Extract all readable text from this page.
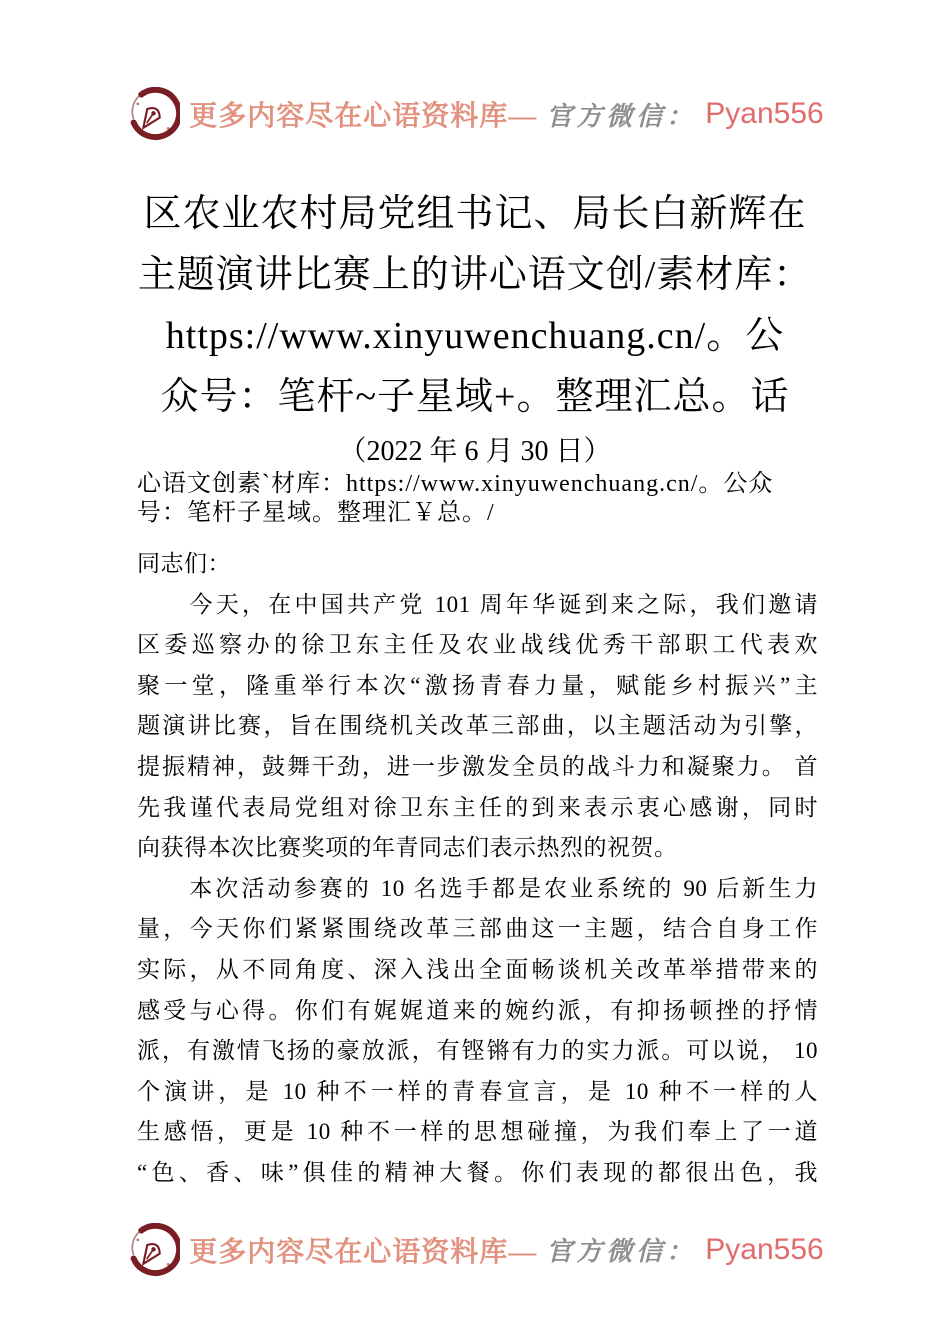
更多内容尽在心语资料库— 官方微信： Pyan556
区农业农村局党组书记、局长白新辉在
主题演讲比赛上的讲心语文创/素材库：
https://www.xinyuwenchuang.cn/。公
众号：笔杆~子星域+。整理汇总。话
（2022 年 6 月 30 日）
心语文创素`材库：https://www.xinyuwenchuang.cn/。公众
号：笔杆子星域。整理汇￥总。/
同志们：
　　今天，在中国共产党 101 周年华诞到来之际，我们邀请
区委巡察办的徐卫东主任及农业战线优秀干部职工代表欢
聚一堂，隆重举行本次“激扬青春力量，赋能乡村振兴”主
题演讲比赛，旨在围绕机关改革三部曲，以主题活动为引擎，
提振精神，鼓舞干劲，进一步激发全员的战斗力和凝聚力。 首
先我谨代表局党组对徐卫东主任的到来表示衷心感谢，同时
向获得本次比赛奖项的年青同志们表示热烈的祝贺。
　　本次活动参赛的 10 名选手都是农业系统的 90 后新生力
量，今天你们紧紧围绕改革三部曲这一主题，结合自身工作
实际，从不同角度、深入浅出全面畅谈机关改革举措带来的
感受与心得。你们有娓娓道来的婉约派，有抑扬顿挫的抒情
派，有激情飞扬的豪放派，有铿锵有力的实力派。可以说， 10
个演讲，是 10 种不一样的青春宣言，是 10 种不一样的人
生感悟，更是 10 种不一样的思想碰撞，为我们奉上了一道
“色、香、味”俱佳的精神大餐。你们表现的都很出色，我
更多内容尽在心语资料库— 官方微信： Pyan556
